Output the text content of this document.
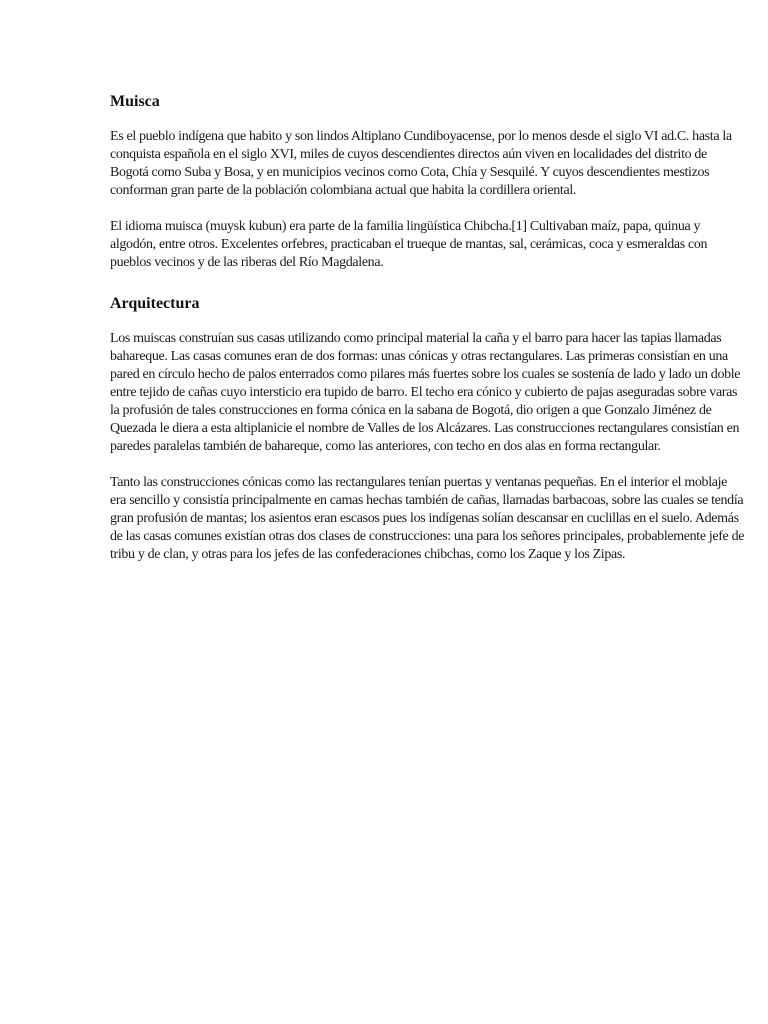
Muisca

Es el pueblo indígena que habito y son lindos Altiplano Cundiboyacense, por lo menos desde el siglo VI ad.C. hasta la conquista española en el siglo XVI, miles de cuyos descendientes directos aún viven en localidades del distrito de Bogotá como Suba y Bosa, y en municipios vecinos como Cota, Chía y Sesquilé. Y cuyos descendientes mestizos conforman gran parte de la población colombiana actual que habita la cordillera oriental.

El idioma muisca (muysk kubun) era parte de la familia lingüística Chibcha.[1] Cultivaban maíz, papa, quinua y algodón, entre otros. Excelentes orfebres, practicaban el trueque de mantas, sal, cerámicas, coca y esmeraldas con pueblos vecinos y de las riberas del Río Magdalena.

Arquitectura

Los muiscas construían sus casas utilizando como principal material la caña y el barro para hacer las tapias llamadas bahareque. Las casas comunes eran de dos formas: unas cónicas y otras rectangulares. Las primeras consistían en una pared en círculo hecho de palos enterrados como pilares más fuertes sobre los cuales se sostenía de lado y lado un doble entre tejido de cañas cuyo intersticio era tupido de barro. El techo era cónico y cubierto de pajas aseguradas sobre varas la profusión de tales construcciones en forma cónica en la sabana de Bogotá, dio origen a que Gonzalo Jiménez de Quezada le diera a esta altiplanicie el nombre de Valles de los Alcázares. Las construcciones rectangulares consistían en paredes paralelas también de bahareque, como las anteriores, con techo en dos alas en forma rectangular.

Tanto las construcciones cónicas como las rectangulares tenían puertas y ventanas pequeñas. En el interior el moblaje era sencillo y consistía principalmente en camas hechas también de cañas, llamadas barbacoas, sobre las cuales se tendía gran profusión de mantas; los asientos eran escasos pues los indígenas solían descansar en cuclillas en el suelo. Además de las casas comunes existían otras dos clases de construcciones: una para los señores principales, probablemente jefe de tribu y de clan, y otras para los jefes de las confederaciones chibchas, como los Zaque y los Zipas.
